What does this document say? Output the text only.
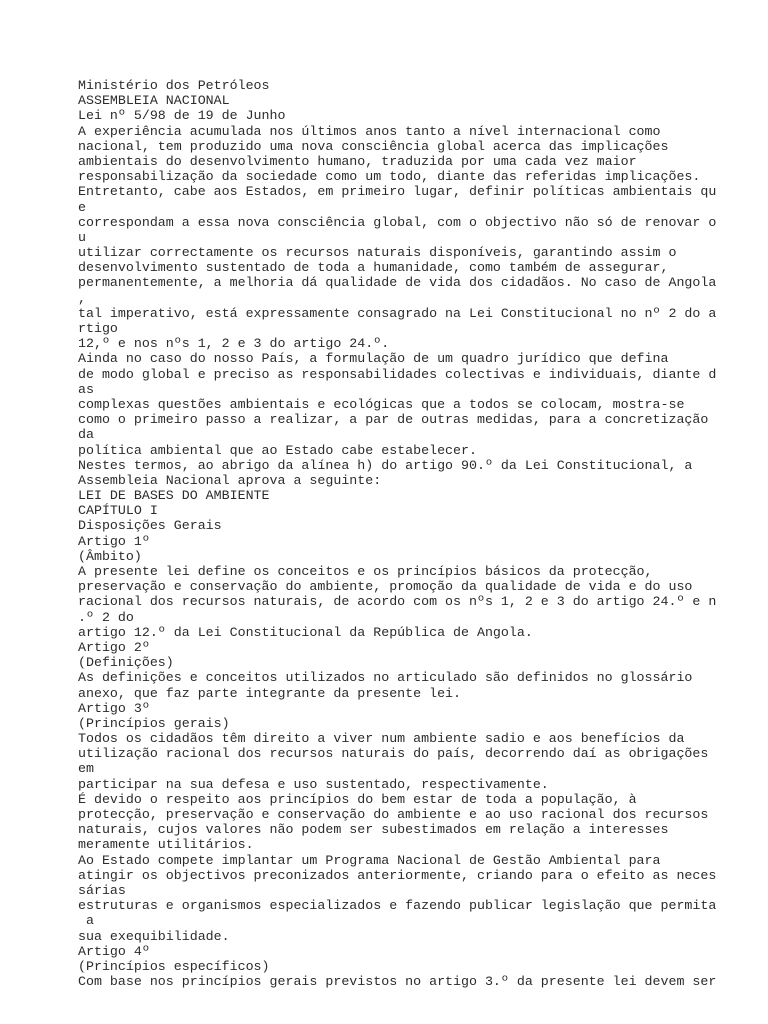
Ministério dos Petróleos
ASSEMBLEIA NACIONAL
Lei nº 5/98 de 19 de Junho
A experiência acumulada nos últimos anos tanto a nível internacional como
nacional, tem produzido uma nova consciência global acerca das implicações
ambientais do desenvolvimento humano, traduzida por uma cada vez maior
responsabilização da sociedade como um todo, diante das referidas implicações.
Entretanto, cabe aos Estados, em primeiro lugar, definir políticas ambientais qu
e
correspondam a essa nova consciência global, com o objectivo não só de renovar o
u
utilizar correctamente os recursos naturais disponíveis, garantindo assim o
desenvolvimento sustentado de toda a humanidade, como também de assegurar,
permanentemente, a melhoria dá qualidade de vida dos cidadãos. No caso de Angola
,
tal imperativo, está expressamente consagrado na Lei Constitucional no nº 2 do a
rtigo
12,º e nos nºs 1, 2 e 3 do artigo 24.º.
Ainda no caso do nosso País, a formulação de um quadro jurídico que defina
de modo global e preciso as responsabilidades colectivas e individuais, diante d
as
complexas questões ambientais e ecológicas que a todos se colocam, mostra-se
como o primeiro passo a realizar, a par de outras medidas, para a concretização
da
política ambiental que ao Estado cabe estabelecer.
Nestes termos, ao abrigo da alínea h) do artigo 90.º da Lei Constitucional, a
Assembleia Nacional aprova a seguinte:
LEI DE BASES DO AMBIENTE
CAPÍTULO I
Disposições Gerais
Artigo 1º
(Âmbito)
A presente lei define os conceitos e os princípios básicos da protecção,
preservação e conservação do ambiente, promoção da qualidade de vida e do uso
racional dos recursos naturais, de acordo com os nºs 1, 2 e 3 do artigo 24.º e n
.º 2 do
artigo 12.º da Lei Constitucional da República de Angola.
Artigo 2º
(Definições)
As definições e conceitos utilizados no articulado são definidos no glossário
anexo, que faz parte integrante da presente lei.
Artigo 3º
(Princípios gerais)
Todos os cidadãos têm direito a viver num ambiente sadio e aos benefícios da
utilização racional dos recursos naturais do país, decorrendo daí as obrigações
em
participar na sua defesa e uso sustentado, respectivamente.
É devido o respeito aos princípios do bem estar de toda a população, à
protecção, preservação e conservação do ambiente e ao uso racional dos recursos
naturais, cujos valores não podem ser subestimados em relação a interesses
meramente utilitários.
Ao Estado compete implantar um Programa Nacional de Gestão Ambiental para
atingir os objectivos preconizados anteriormente, criando para o efeito as neces
sárias
estruturas e organismos especializados e fazendo publicar legislação que permita
a
sua exequibilidade.
Artigo 4º
(Princípios específicos)
Com base nos princípios gerais previstos no artigo 3.º da presente lei devem ser
